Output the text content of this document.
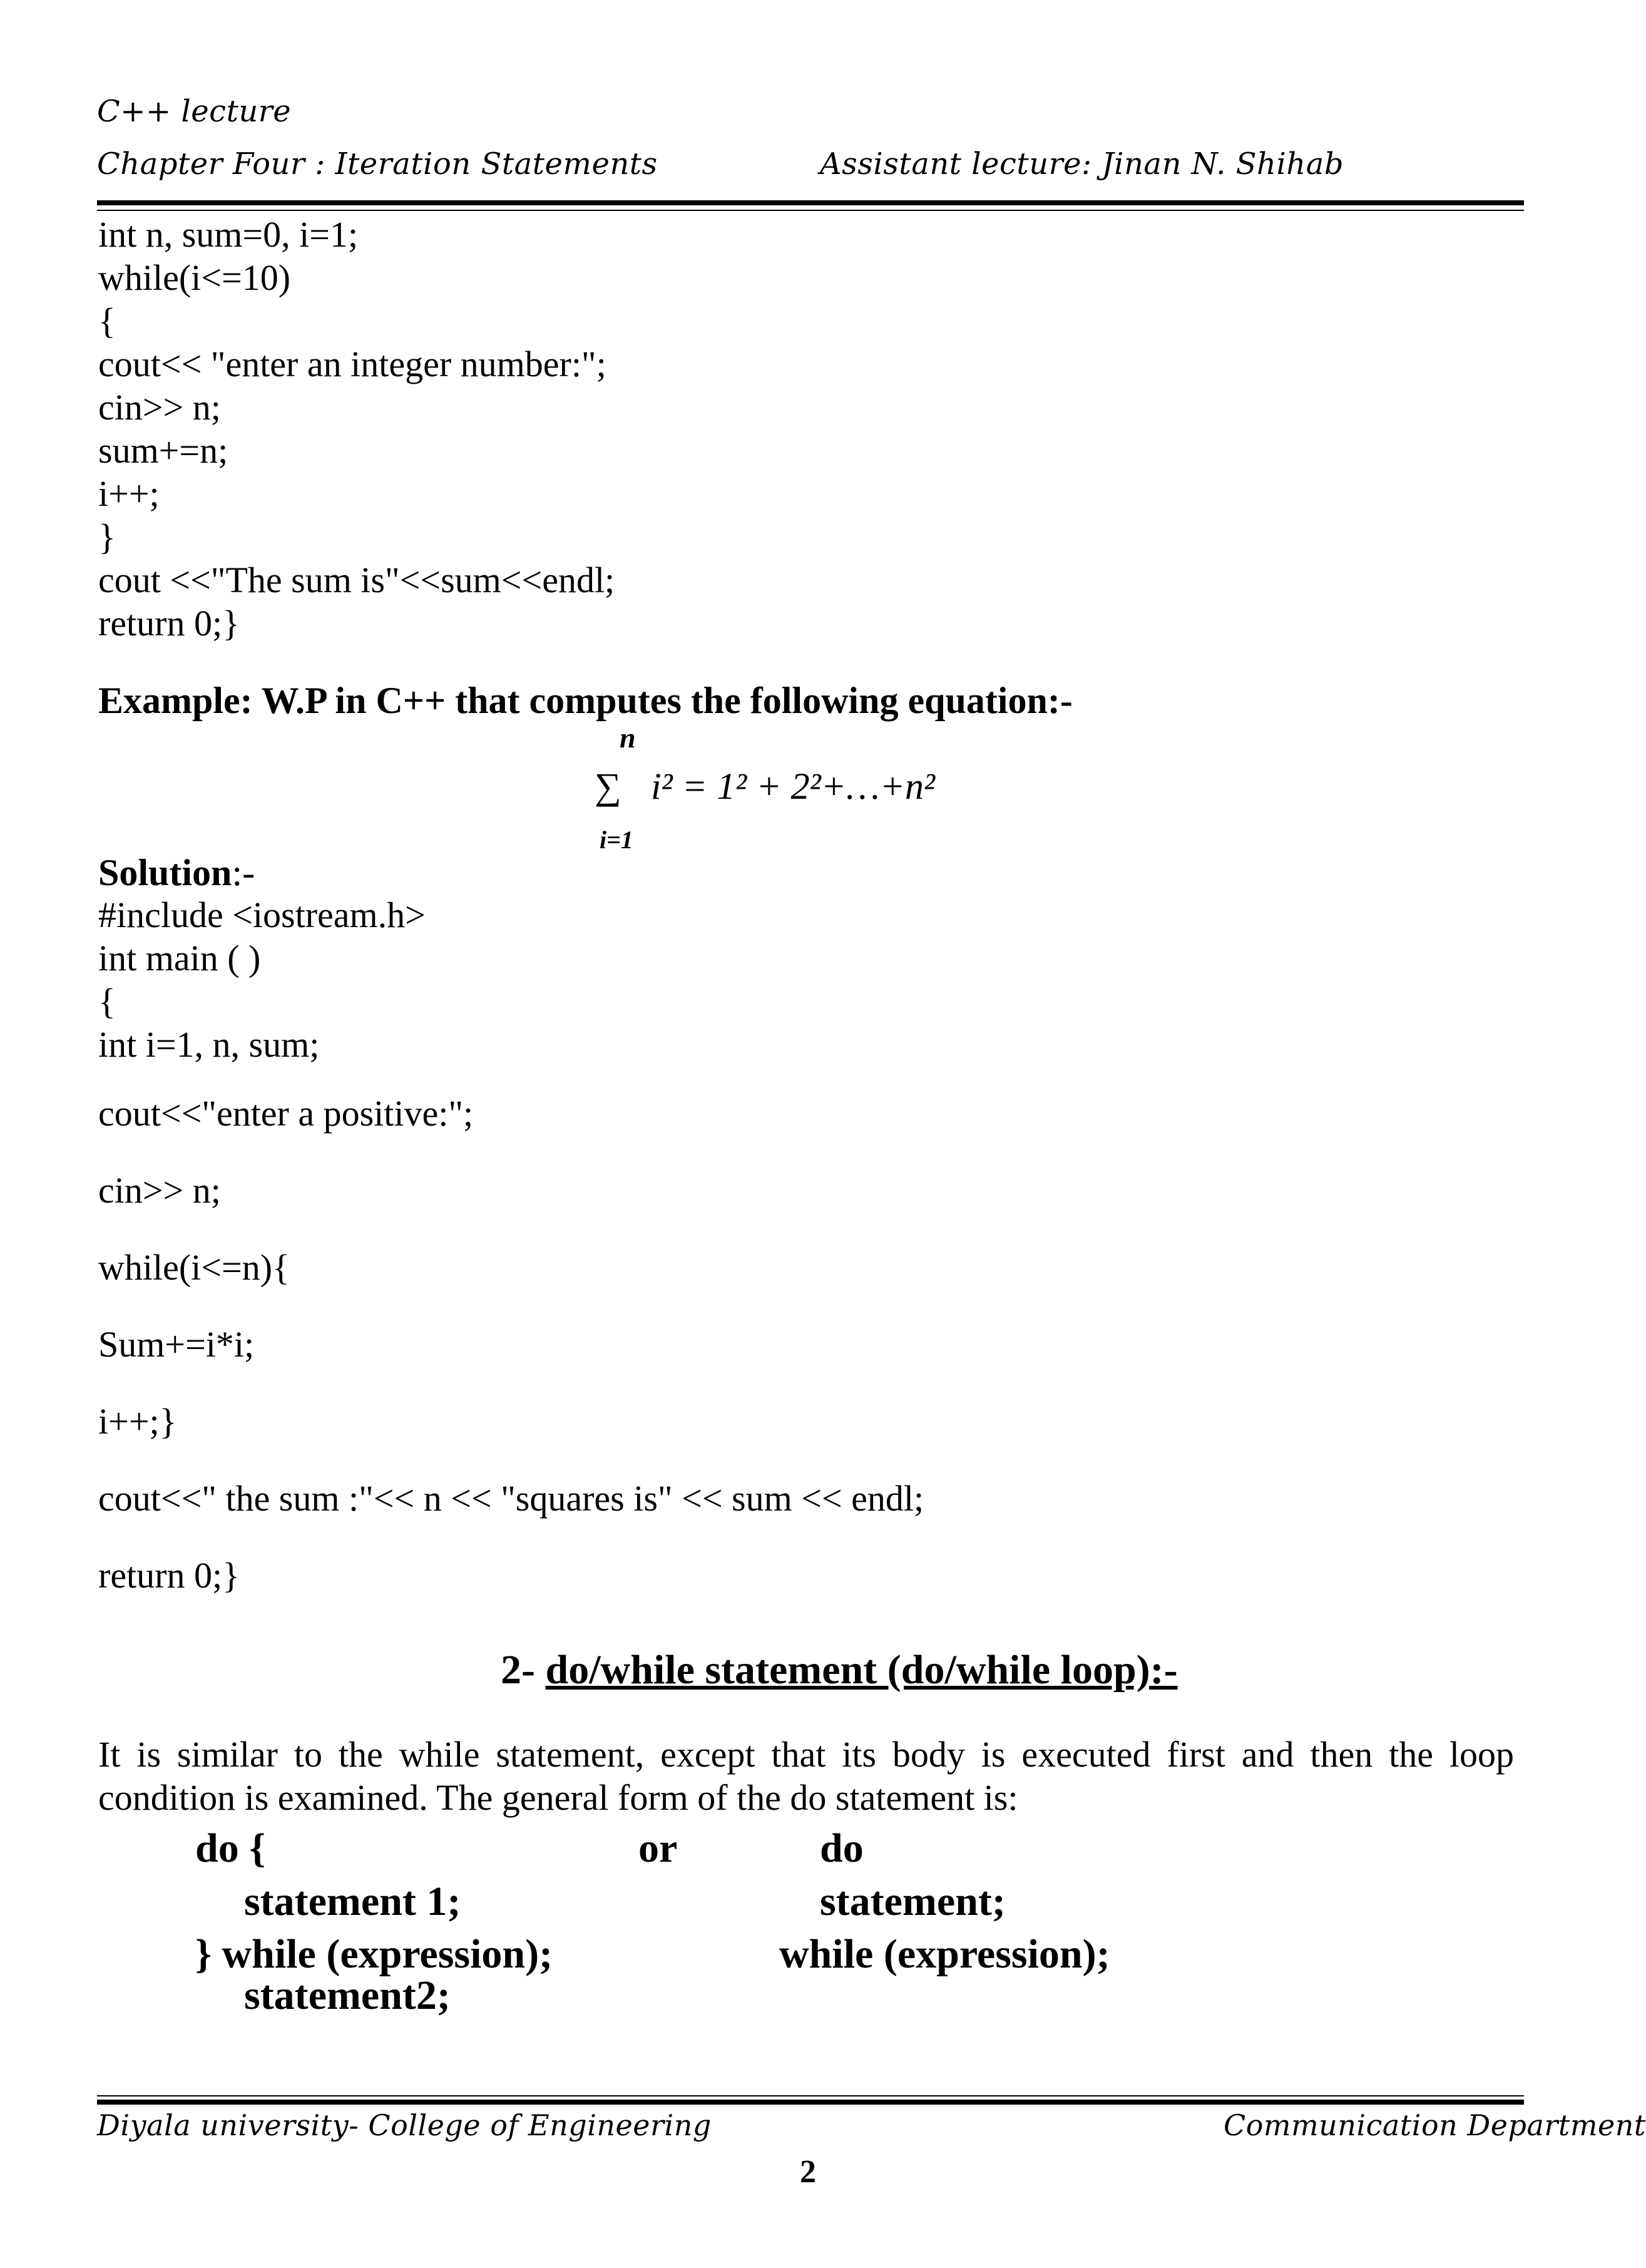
C++ lecture
Chapter Four : Iteration Statements	Assistant lecture: Jinan N. Shihab
int n, sum=0, i=1;
while(i<=10)
{
cout<< "enter an integer number:";
cin>> n;
sum+=n;
i++;
}
cout <<"The sum is"<<sum<<endl;
return 0;}
Example: W.P in C++ that computes the following equation:-
n
∑ i² = 1² + 2²+…+n²
i=1
Solution:-
#include <iostream.h>
int main ( )
{
int i=1, n, sum;
cout<<"enter a positive:";
cin>> n;
while(i<=n){
Sum+=i*i;
i++;}
cout<<" the sum :"<< n << "squares is" << sum << endl;
return 0;}
2- do/while statement (do/while loop):-
It is similar to the while statement, except that its body is executed first and then the loop condition is examined. The general form of the do statement is:
do {
statement 1;
} while (expression);
statement2;
or	do
statement;
while (expression);
Diyala university- College of Engineering	Communication Department
2
